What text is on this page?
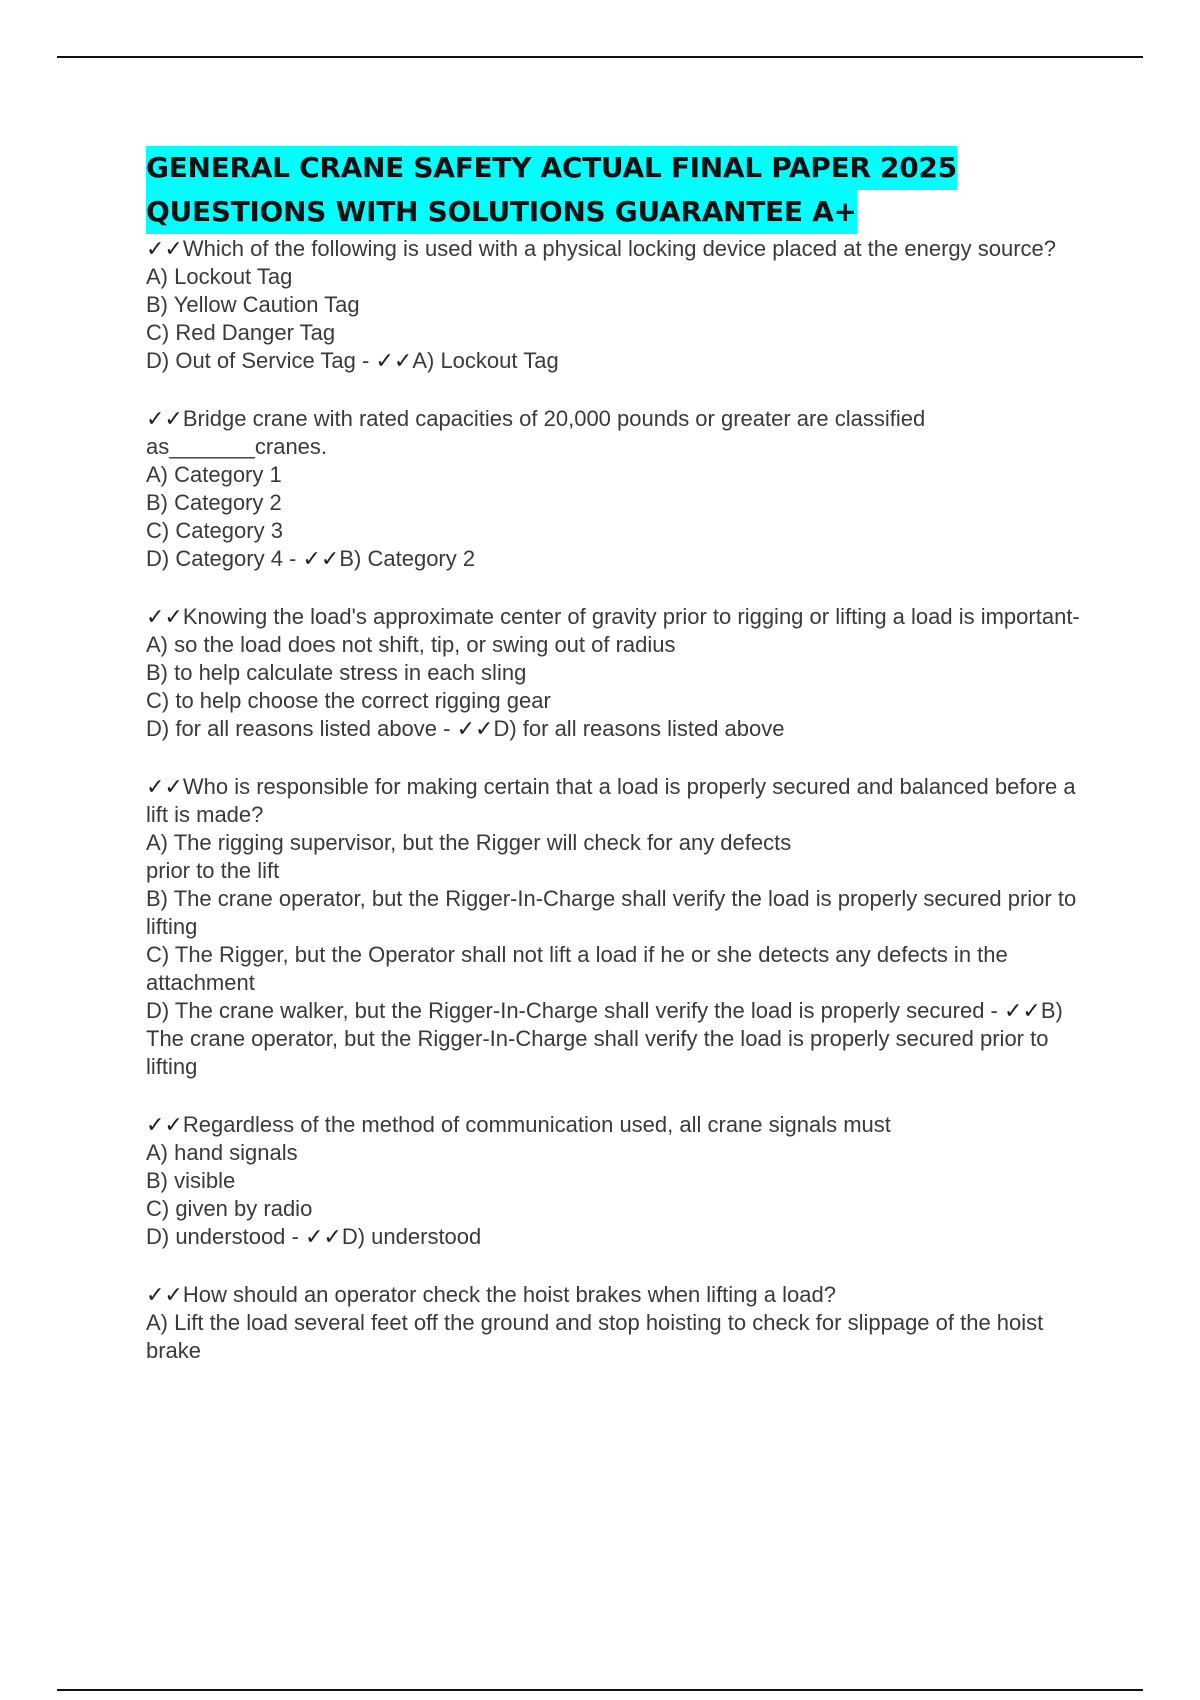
GENERAL CRANE SAFETY ACTUAL FINAL PAPER 2025
QUESTIONS WITH SOLUTIONS GUARANTEE A+
✓✓Which of the following is used with a physical locking device placed at the energy source?
A) Lockout Tag
B) Yellow Caution Tag
C) Red Danger Tag
D) Out of Service Tag - ✓✓A) Lockout Tag
✓✓Bridge crane with rated capacities of 20,000 pounds or greater are classified as_______cranes.
A) Category 1
B) Category 2
C) Category 3
D) Category 4 - ✓✓B) Category 2
✓✓Knowing the load's approximate center of gravity prior to rigging or lifting a load is important-
A) so the load does not shift, tip, or swing out of radius
B) to help calculate stress in each sling
C) to help choose the correct rigging gear
D) for all reasons listed above - ✓✓D) for all reasons listed above
✓✓Who is responsible for making certain that a load is properly secured and balanced before a lift is made?
A) The rigging supervisor, but the Rigger will check for any defects
prior to the lift
B) The crane operator, but the Rigger-In-Charge shall verify the load is properly secured prior to lifting
C) The Rigger, but the Operator shall not lift a load if he or she detects any defects in the attachment
D) The crane walker, but the Rigger-In-Charge shall verify the load is properly secured - ✓✓B) The crane operator, but the Rigger-In-Charge shall verify the load is properly secured prior to lifting
✓✓Regardless of the method of communication used, all crane signals must
A) hand signals
B) visible
C) given by radio
D) understood - ✓✓D) understood
✓✓How should an operator check the hoist brakes when lifting a load?
A) Lift the load several feet off the ground and stop hoisting to check for slippage of the hoist brake
